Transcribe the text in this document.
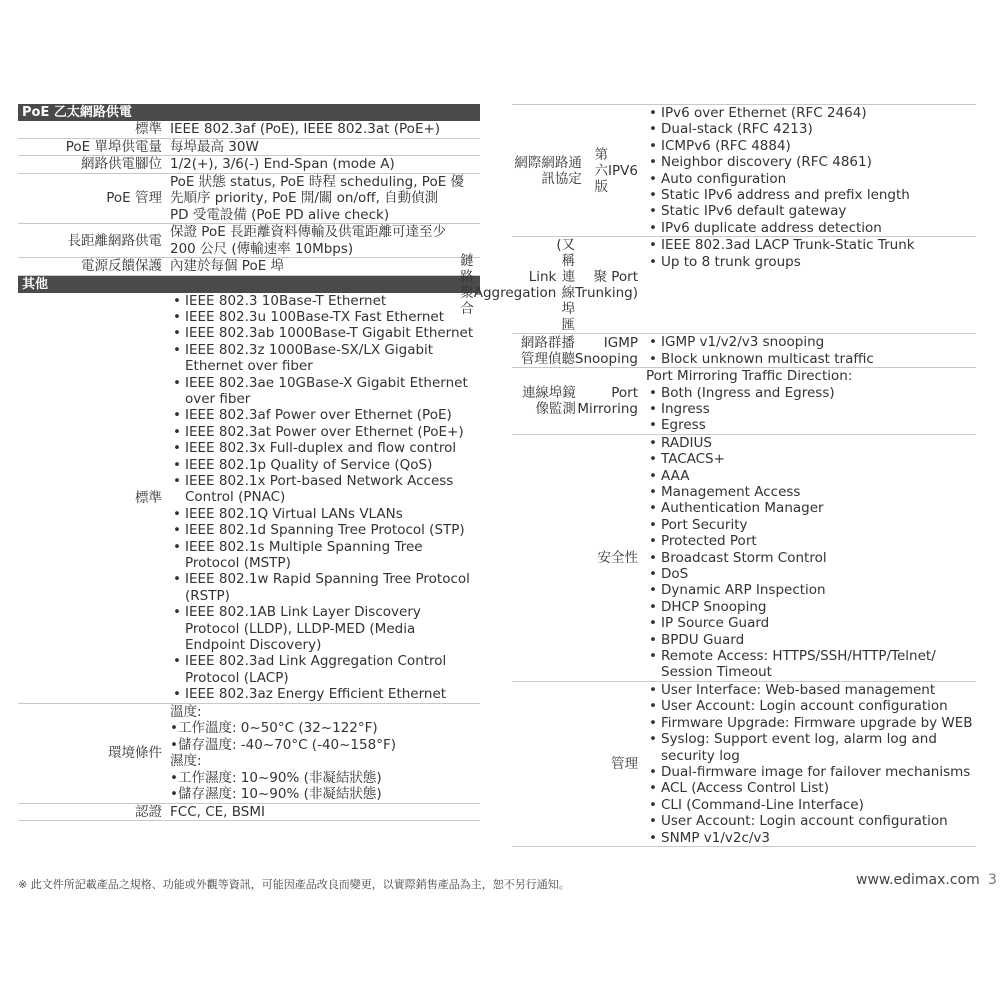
PoE 乙太網路供電
標準 IEEE 802.3af (PoE), IEEE 802.3at (PoE+)
PoE 單埠供電量 每埠最高 30W
網路供電腳位 1/2(+), 3/6(-) End-Span (mode A)
PoE 管理
PoE 狀態 status, PoE 時程 scheduling, PoE 優
先順序 priority, PoE 開/關 on/off, 自動偵測
PD 受電設備 (PoE PD alive check)
長距離網路供電
保證 PoE 長距離資料傳輸及供電距離可達至少
200 公尺 (傳輸速率 10Mbps)
電源反饋保護 內建於每個 PoE 埠
其他
標準
• IEEE 802.3 10Base-T Ethernet
• IEEE 802.3u 100Base-TX Fast Ethernet
• IEEE 802.3ab 1000Base-T Gigabit Ethernet
• IEEE 802.3z 1000Base-SX/LX Gigabit Ethernet over fiber
• IEEE 802.3ae 10GBase-X Gigabit Ethernet over fiber
• IEEE 802.3af Power over Ethernet (PoE)
• IEEE 802.3at Power over Ethernet (PoE+)
• IEEE 802.3x Full-duplex and flow control
• IEEE 802.1p Quality of Service (QoS)
• IEEE 802.1x Port-based Network Access Control (PNAC)
• IEEE 802.1Q Virtual LANs VLANs
• IEEE 802.1d Spanning Tree Protocol (STP)
• IEEE 802.1s Multiple Spanning Tree Protocol (MSTP)
• IEEE 802.1w Rapid Spanning Tree Protocol (RSTP)
• IEEE 802.1AB Link Layer Discovery Protocol (LLDP), LLDP-MED (Media Endpoint Discovery)
• IEEE 802.3ad Link Aggregation Control Protocol (LACP)
• IEEE 802.3az Energy Efficient Ethernet
環境條件
溫度:
•工作溫度: 0~50°C (32~122°F)
•儲存溫度: -40~70°C (-40~158°F)
濕度:
•工作濕度: 10~90% (非凝結狀態)
•儲存濕度: 10~90% (非凝結狀態)
認證 FCC, CE, BSMI
網際網路通訊協定
第六版
IPV6
• IPv6 over Ethernet (RFC 2464)
• Dual-stack (RFC 4213)
• ICMPv6 (RFC 4884)
• Neighbor discovery (RFC 4861)
• Auto configuration
• Static IPv6 address and prefix length
• Static IPv6 default gateway
• IPv6 duplicate address detection
鏈路聚合
Link Aggregation
(又稱連線埠匯
聚 Port Trunking)
• IEEE 802.3ad LACP Trunk-Static Trunk
• Up to 8 trunk groups
網路群播管理偵聽
IGMP Snooping
• IGMP v1/v2/v3 snooping
• Block unknown multicast traffic
連線埠鏡像監測
Port Mirroring
Port Mirroring Traffic Direction:
• Both (Ingress and Egress)
• Ingress
• Egress
安全性
• RADIUS
• TACACS+
• AAA
• Management Access
• Authentication Manager
• Port Security
• Protected Port
• Broadcast Storm Control
• DoS
• Dynamic ARP Inspection
• DHCP Snooping
• IP Source Guard
• BPDU Guard
• Remote Access: HTTPS/SSH/HTTP/Telnet/ Session Timeout
管理
• User Interface: Web-based management
• User Account: Login account configuration
• Firmware Upgrade: Firmware upgrade by WEB
• Syslog: Support event log, alarm log and security log
• Dual-firmware image for failover mechanisms
• ACL (Access Control List)
• CLI (Command-Line Interface)
• User Account: Login account configuration
• SNMP v1/v2c/v3
※ 此文件所記載產品之規格、功能或外觀等資訊，可能因產品改良而變更，以實際銷售產品為主，恕不另行通知。	www.edimax.com 3
